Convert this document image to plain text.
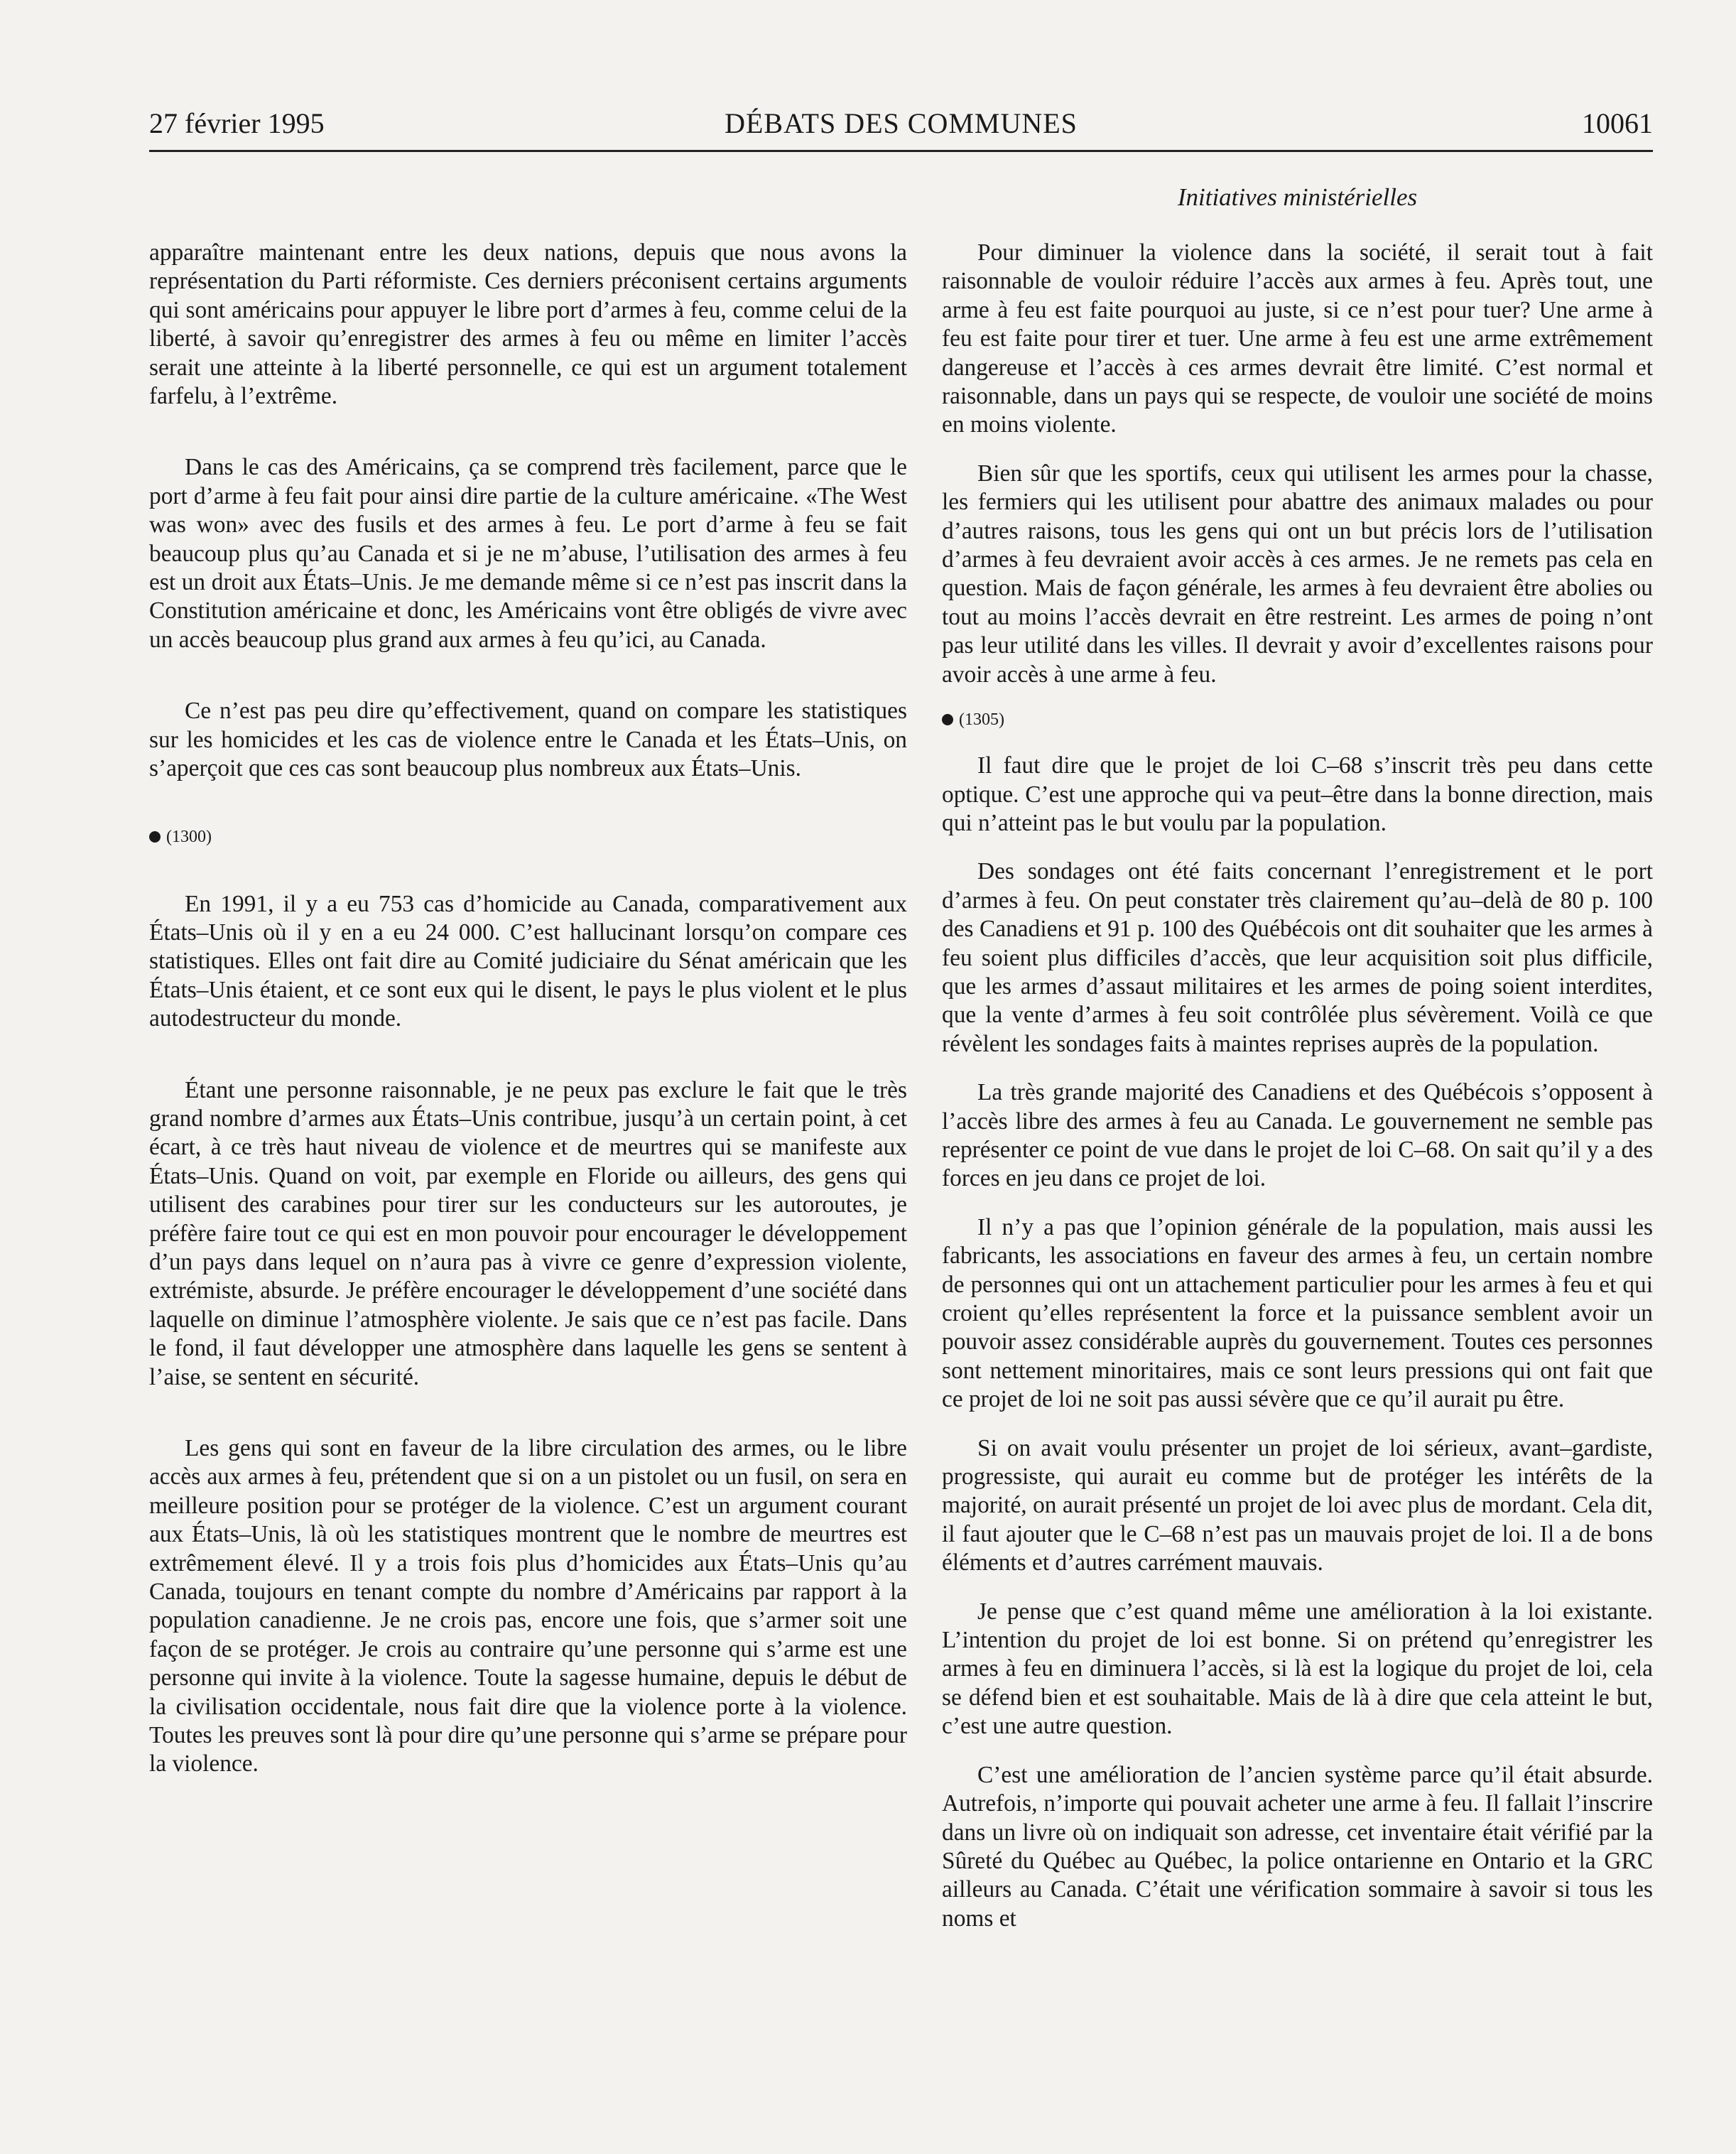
27 février 1995	DÉBATS DES COMMUNES	10061
Initiatives ministérielles

apparaître maintenant entre les deux nations, depuis que nous avons la représentation du Parti réformiste. Ces derniers préconisent certains arguments qui sont américains pour appuyer le libre port d’armes à feu, comme celui de la liberté, à savoir qu’enregistrer des armes à feu ou même en limiter l’accès serait une atteinte à la liberté personnelle, ce qui est un argument totalement farfelu, à l’extrême.

Dans le cas des Américains, ça se comprend très facilement, parce que le port d’arme à feu fait pour ainsi dire partie de la culture américaine. «The West was won» avec des fusils et des armes à feu. Le port d’arme à feu se fait beaucoup plus qu’au Canada et si je ne m’abuse, l’utilisation des armes à feu est un droit aux États–Unis. Je me demande même si ce n’est pas inscrit dans la Constitution américaine et donc, les Américains vont être obligés de vivre avec un accès beaucoup plus grand aux armes à feu qu’ici, au Canada.

Ce n’est pas peu dire qu’effectivement, quand on compare les statistiques sur les homicides et les cas de violence entre le Canada et les États–Unis, on s’aperçoit que ces cas sont beaucoup plus nombreux aux États–Unis.

(1300)

En 1991, il y a eu 753 cas d’homicide au Canada, comparativement aux États–Unis où il y en a eu 24 000. C’est hallucinant lorsqu’on compare ces statistiques. Elles ont fait dire au Comité judiciaire du Sénat américain que les États–Unis étaient, et ce sont eux qui le disent, le pays le plus violent et le plus autodestructeur du monde.

Étant une personne raisonnable, je ne peux pas exclure le fait que le très grand nombre d’armes aux États–Unis contribue, jusqu’à un certain point, à cet écart, à ce très haut niveau de violence et de meurtres qui se manifeste aux États–Unis. Quand on voit, par exemple en Floride ou ailleurs, des gens qui utilisent des carabines pour tirer sur les conducteurs sur les autoroutes, je préfère faire tout ce qui est en mon pouvoir pour encourager le développement d’un pays dans lequel on n’aura pas à vivre ce genre d’expression violente, extrémiste, absurde. Je préfère encourager le développement d’une société dans laquelle on diminue l’atmosphère violente. Je sais que ce n’est pas facile. Dans le fond, il faut développer une atmosphère dans laquelle les gens se sentent à l’aise, se sentent en sécurité.

Les gens qui sont en faveur de la libre circulation des armes, ou le libre accès aux armes à feu, prétendent que si on a un pistolet ou un fusil, on sera en meilleure position pour se protéger de la violence. C’est un argument courant aux États–Unis, là où les statistiques montrent que le nombre de meurtres est extrêmement élevé. Il y a trois fois plus d’homicides aux États–Unis qu’au Canada, toujours en tenant compte du nombre d’Américains par rapport à la population canadienne. Je ne crois pas, encore une fois, que s’armer soit une façon de se protéger. Je crois au contraire qu’une personne qui s’arme est une personne qui invite à la violence. Toute la sagesse humaine, depuis le début de la civilisation occidentale, nous fait dire que la violence porte à la violence. Toutes les preuves sont là pour dire qu’une personne qui s’arme se prépare pour la violence.

Pour diminuer la violence dans la société, il serait tout à fait raisonnable de vouloir réduire l’accès aux armes à feu. Après tout, une arme à feu est faite pourquoi au juste, si ce n’est pour tuer? Une arme à feu est faite pour tirer et tuer. Une arme à feu est une arme extrêmement dangereuse et l’accès à ces armes devrait être limité. C’est normal et raisonnable, dans un pays qui se respecte, de vouloir une société de moins en moins violente.

Bien sûr que les sportifs, ceux qui utilisent les armes pour la chasse, les fermiers qui les utilisent pour abattre des animaux malades ou pour d’autres raisons, tous les gens qui ont un but précis lors de l’utilisation d’armes à feu devraient avoir accès à ces armes. Je ne remets pas cela en question. Mais de façon générale, les armes à feu devraient être abolies ou tout au moins l’accès devrait en être restreint. Les armes de poing n’ont pas leur utilité dans les villes. Il devrait y avoir d’excellentes raisons pour avoir accès à une arme à feu.

(1305)

Il faut dire que le projet de loi C–68 s’inscrit très peu dans cette optique. C’est une approche qui va peut–être dans la bonne direction, mais qui n’atteint pas le but voulu par la population.

Des sondages ont été faits concernant l’enregistrement et le port d’armes à feu. On peut constater très clairement qu’au–delà de 80 p. 100 des Canadiens et 91 p. 100 des Québécois ont dit souhaiter que les armes à feu soient plus difficiles d’accès, que leur acquisition soit plus difficile, que les armes d’assaut militaires et les armes de poing soient interdites, que la vente d’armes à feu soit contrôlée plus sévèrement. Voilà ce que révèlent les sondages faits à maintes reprises auprès de la population.

La très grande majorité des Canadiens et des Québécois s’opposent à l’accès libre des armes à feu au Canada. Le gouvernement ne semble pas représenter ce point de vue dans le projet de loi C–68. On sait qu’il y a des forces en jeu dans ce projet de loi.

Il n’y a pas que l’opinion générale de la population, mais aussi les fabricants, les associations en faveur des armes à feu, un certain nombre de personnes qui ont un attachement particulier pour les armes à feu et qui croient qu’elles représentent la force et la puissance semblent avoir un pouvoir assez considérable auprès du gouvernement. Toutes ces personnes sont nettement minoritaires, mais ce sont leurs pressions qui ont fait que ce projet de loi ne soit pas aussi sévère que ce qu’il aurait pu être.

Si on avait voulu présenter un projet de loi sérieux, avant–gardiste, progressiste, qui aurait eu comme but de protéger les intérêts de la majorité, on aurait présenté un projet de loi avec plus de mordant. Cela dit, il faut ajouter que le C–68 n’est pas un mauvais projet de loi. Il a de bons éléments et d’autres carrément mauvais.

Je pense que c’est quand même une amélioration à la loi existante. L’intention du projet de loi est bonne. Si on prétend qu’enregistrer les armes à feu en diminuera l’accès, si là est la logique du projet de loi, cela se défend bien et est souhaitable. Mais de là à dire que cela atteint le but, c’est une autre question.

C’est une amélioration de l’ancien système parce qu’il était absurde. Autrefois, n’importe qui pouvait acheter une arme à feu. Il fallait l’inscrire dans un livre où on indiquait son adresse, cet inventaire était vérifié par la Sûreté du Québec au Québec, la police ontarienne en Ontario et la GRC ailleurs au Canada. C’était une vérification sommaire à savoir si tous les noms et
